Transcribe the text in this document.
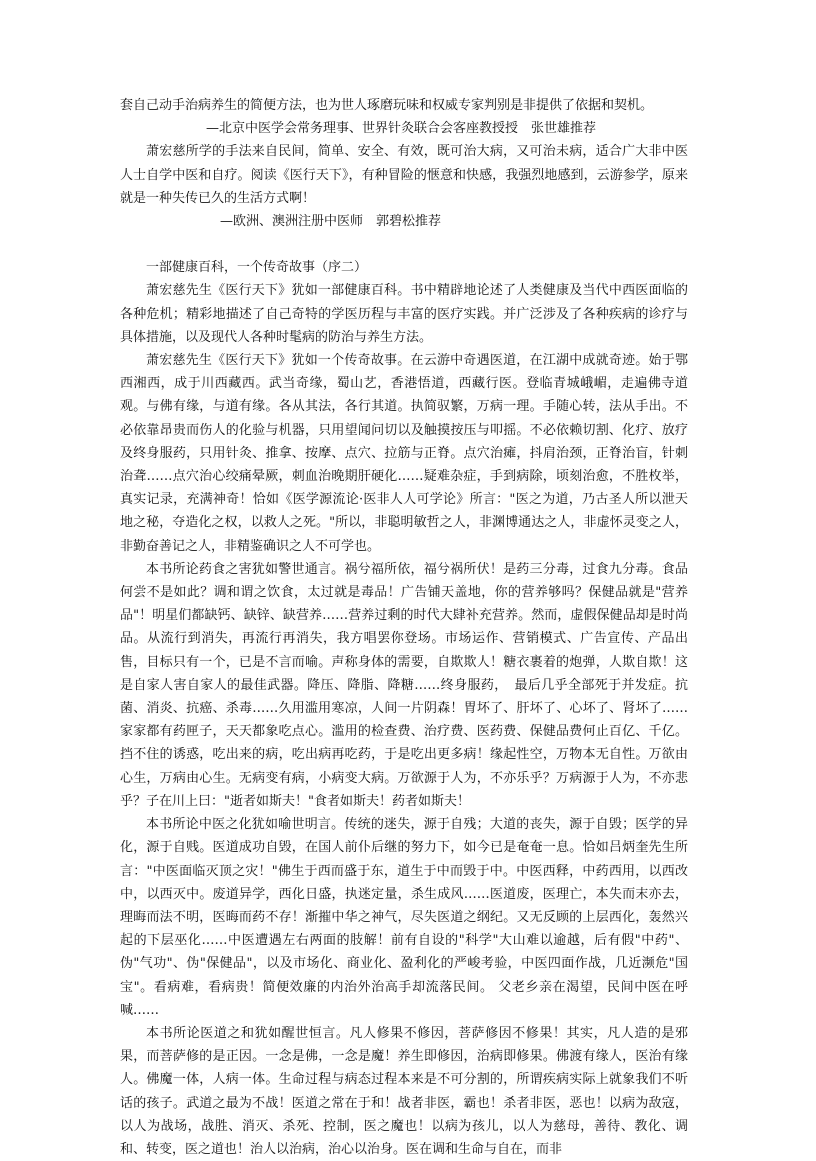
套自己动手治病养生的简便方法，也为世人琢磨玩味和权威专家判别是非提供了依据和契机。

—北京中医学会常务理事、世界针灸联合会客座教授授　张世雄推荐

萧宏慈所学的手法来自民间，简单、安全、有效，既可治大病，又可治未病，适合广大非中医人士自学中医和自疗。阅读《医行天下》，有种冒险的惬意和快感，我强烈地感到，云游参学，原来就是一种失传已久的生活方式啊！

—欧洲、澳洲注册中医师　郭碧松推荐

一部健康百科，一个传奇故事（序二）

萧宏慈先生《医行天下》犹如一部健康百科。书中精辟地论述了人类健康及当代中西医面临的各种危机；精彩地描述了自己奇特的学医历程与丰富的医疗实践。并广泛涉及了各种疾病的诊疗与具体措施，以及现代人各种时髦病的防治与养生方法。

萧宏慈先生《医行天下》犹如一个传奇故事。在云游中奇遇医道，在江湖中成就奇迹。始于鄂西湘西，成于川西藏西。武当奇缘，蜀山艺，香港悟道，西藏行医。登临青城峨嵋，走遍佛寺道观。与佛有缘，与道有缘。各从其法，各行其道。执简驭繁，万病一理。手随心转，法从手出。不必依靠昂贵而伤人的化验与机器，只用望闻问切以及触摸按压与叩摇。不必依赖切割、化疗、放疗及终身服药，只用针灸、推拿、按摩、点穴、拉筋与正脊。点穴治瘫，抖肩治颈，正脊治盲，针刺治聋……点穴治心绞痛晕厥，刺血治晚期肝硬化……疑难杂症，手到病除，顷刻治愈，不胜枚举，真实记录，充满神奇！恰如《医学源流论·医非人人可学论》所言："医之为道，乃古圣人所以泄天地之秘，夺造化之权，以救人之死。"所以，非聪明敏哲之人，非渊博通达之人，非虚怀灵变之人，非勤奋善记之人，非精鉴确识之人不可学也。

本书所论药食之害犹如警世通言。祸兮福所依，福兮祸所伏！是药三分毒，过食九分毒。食品何尝不是如此？调和谓之饮食，太过就是毒品！广告铺天盖地，你的营养够吗？保健品就是"营养品"！明星们都缺钙、缺锌、缺营养……营养过剩的时代大肆补充营养。然而，虚假保健品却是时尚品。从流行到消失，再流行再消失，我方唱罢你登场。市场运作、营销模式、广告宣传、产品出售，目标只有一个，已是不言而喻。声称身体的需要，自欺欺人！糖衣裹着的炮弹，人欺自欺！这是自家人害自家人的最佳武器。降压、降脂、降糖……终身服药，　最后几乎全部死于并发症。抗菌、消炎、抗癌、杀毒……久用滥用寒凉，人间一片阴森！胃坏了、肝坏了、心坏了、肾坏了……家家都有药匣子，天天都象吃点心。滥用的检查费、治疗费、医药费、保健品费何止百亿、千亿。挡不住的诱惑，吃出来的病，吃出病再吃药，于是吃出更多病！缘起性空，万物本无自性。万欲由心生，万病由心生。无病变有病，小病变大病。万欲源于人为，不亦乐乎？万病源于人为，不亦悲乎？子在川上曰："逝者如斯夫！"食者如斯夫！药者如斯夫！

本书所论中医之化犹如喻世明言。传统的迷失，源于自残；大道的丧失，源于自毁；医学的异化，源于自贱。医道成功自毁，在国人前仆后继的努力下，如今已是奄奄一息。恰如吕炳奎先生所言："中医面临灭顶之灾！"佛生于西而盛于东，道生于中而毁于中。中医西释，中药西用，以西改中，以西灭中。废道异学，西化日盛，执迷定量，杀生成风……医道废，医理亡，本失而末亦去，理晦而法不明，医晦而药不存！渐摧中华之神气，尽失医道之纲纪。又无反顾的上层西化，轰然兴起的下层巫化……中医遭遇左右两面的肢解！前有自设的"科学"大山难以逾越，后有假"中药"、伪"气功"、伪"保健品"，以及市场化、商业化、盈利化的严峻考验，中医四面作战，几近濒危"国宝"。看病难，看病贵！简便效廉的内治外治高手却流落民间。 父老乡亲在渴望，民间中医在呼喊……

本书所论医道之和犹如醒世恒言。凡人修果不修因，菩萨修因不修果！其实，凡人造的是邪果，而菩萨修的是正因。一念是佛，一念是魔！养生即修因，治病即修果。佛渡有缘人，医治有缘人。佛魔一体，人病一体。生命过程与病态过程本来是不可分割的，所谓疾病实际上就象我们不听话的孩子。武道之最为不战！医道之常在于和！战者非医，霸也！杀者非医，恶也！以病为敌寇，以人为战场，战胜、消灭、杀死、控制，医之魔也！以病为孩儿，以人为慈母，善待、教化、调和、转变，医之道也！治人以治病，治心以治身。医在调和生命与自在，而非
